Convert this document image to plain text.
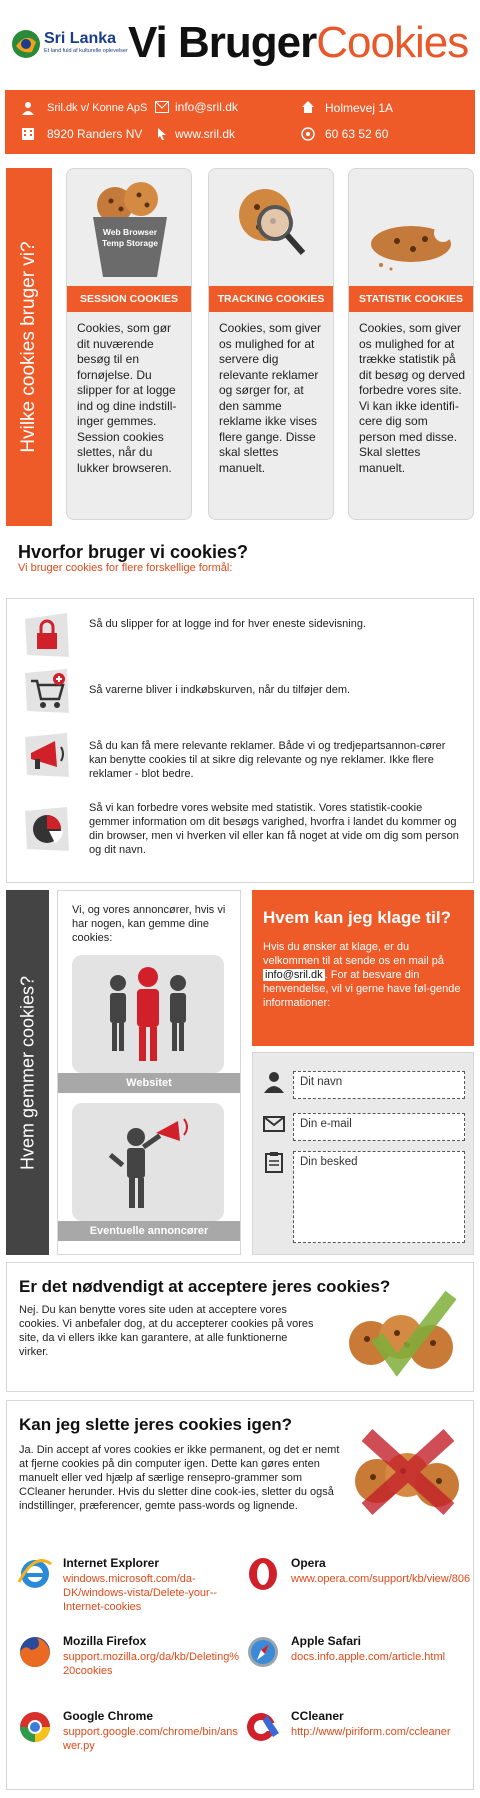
Sri Lanka
Et land fuld af kulturelle oplevelser Vi BrugerCookies
Sril.dk v/ Konne ApS info@sril.dk	Holmevej 1A
8920 Randers NV	www.sril.dk	60 63 52 60
Hvilke cookies bruger vi?
Web Browser Temp Storage
SESSION COOKIES
Cookies, som gør dit nuværende besøg til en fornøjelse. Du slipper for at logge ind og dine indstill-inger gemmes. Session cookies slettes, når du lukker browseren.
TRACKING COOKIES
Cookies, som giver os mulighed for at servere dig relevante reklamer og sørger for, at den samme reklame ikke vises flere gange. Disse skal slettes manuelt.
STATISTIK COOKIES
Cookies, som giver os mulighed for at trække statistik på dit besøg og derved forbedre vores site. Vi kan ikke identifi-cere dig som person med disse. Skal slettes manuelt.
Hvorfor bruger vi cookies?
Vi bruger cookies for flere forskellige formål:
Så du slipper for at logge ind for hver eneste sidevisning.
Så varerne bliver i indkøbskurven, når du tilføjer dem.
Så du kan få mere relevante reklamer. Både vi og tredjepartsannon-cører kan benytte cookies til at sikre dig relevante og nye reklamer. Ikke flere reklamer - blot bedre.
Så vi kan forbedre vores website med statistik. Vores statistik-cookie gemmer information om dit besøgs varighed, hvorfra i landet du kommer og din browser, men vi hverken vil eller kan få noget at vide om dig som person og dit navn.
Hvem gemmer cookies?
Vi, og vores annoncører, hvis vi har nogen, kan gemme dine cookies:
Websitet
Eventuelle annoncører
Hvem kan jeg klage til?
Hvis du ønsker at klage, er du velkommen til at sende os en mail på info@sril.dk . For at besvare din henvendelse, vil vi gerne have føl-gende informationer:
Dit navn
Din e-mail
Din besked
Er det nødvendigt at acceptere jeres cookies?
Nej. Du kan benytte vores site uden at acceptere vores cookies. Vi anbefaler dog, at du accepterer cookies på vores site, da vi ellers ikke kan garantere, at alle funktionerne virker.
Kan jeg slette jeres cookies igen?
Ja. Din accept af vores cookies er ikke permanent, og det er nemt at fjerne cookies på din computer igen. Dette kan gøres enten manuelt eller ved hjælp af særlige rensepro-grammer som CCleaner herunder. Hvis du sletter dine cook-ies, sletter du også indstillinger, præferencer, gemte pass-words og lignende.
Internet Explorer
windows.microsoft.com/da-DK/windows-vista/Delete-your--Internet-cookies
Opera
www.opera.com/support/kb/view/806
Mozilla Firefox
support.mozilla.org/da/kb/Deleting%20cookies
Apple Safari
docs.info.apple.com/article.html
Google Chrome
support.google.com/chrome/bin/answer.py
CCleaner
http://www/piriform.com/ccleaner
